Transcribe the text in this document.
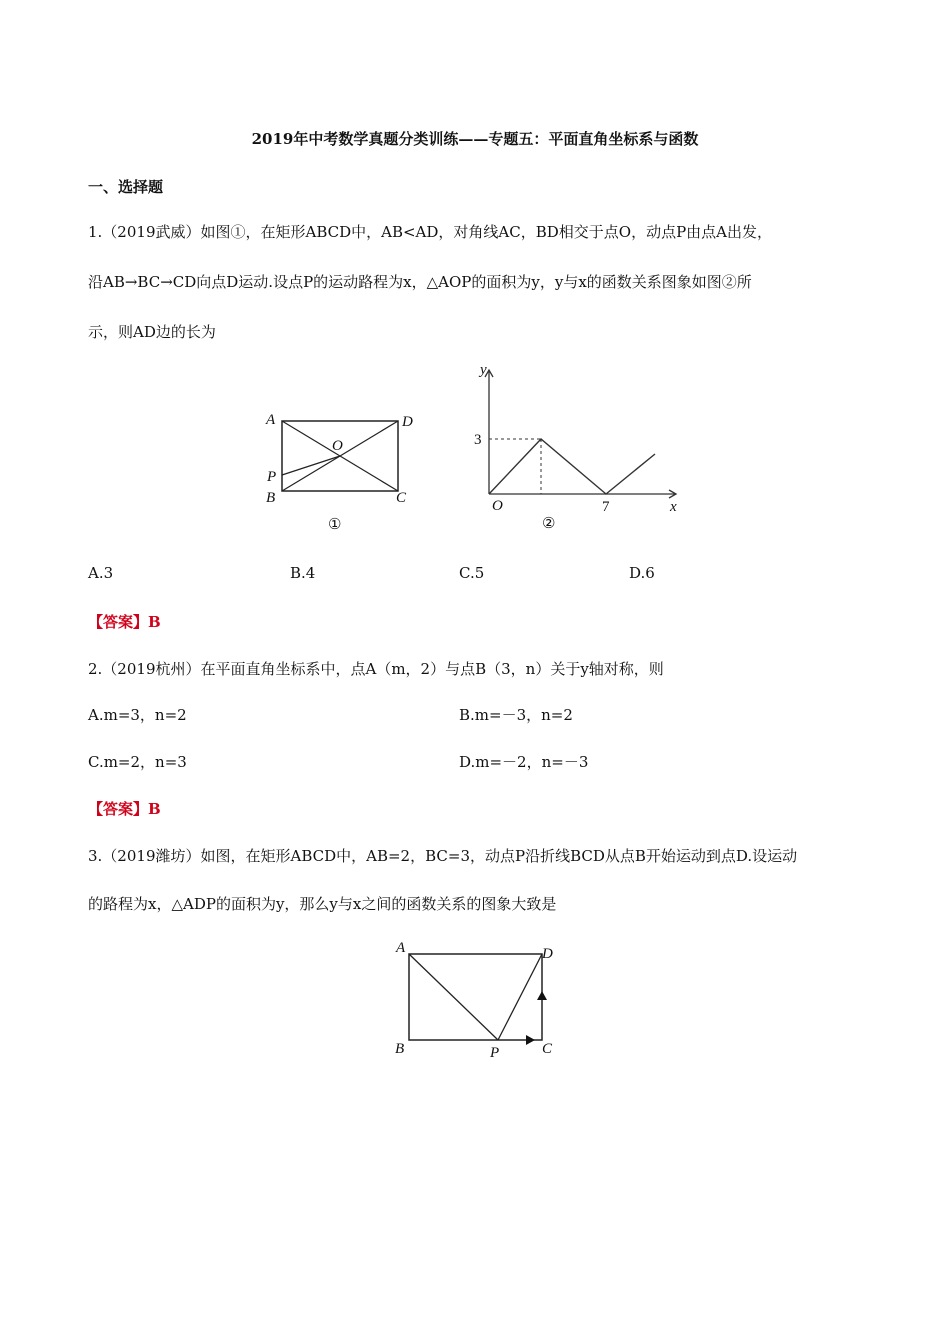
2019年中考数学真题分类训练——专题五：平面直角坐标系与函数
一、选择题
1.（2019武威）如图①，在矩形ABCD中，AB<AD，对角线AC，BD相交于点O，动点P由点A出发，
沿AB→BC→CD向点D运动.设点P的运动路程为x，△AOP的面积为y，y与x的函数关系图象如图②所
示，则AD边的长为
A	D
O
P
B	C
①
y
x
O
3
7
②
A.3	B.4	C.5	D.6
【答案】B
2.（2019杭州）在平面直角坐标系中，点A（m，2）与点B（3，n）关于y轴对称，则
A.m=3，n=2	B.m=－3，n=2
C.m=2，n=3	D.m=－2，n=－3
【答案】B
3.（2019潍坊）如图，在矩形ABCD中，AB=2，BC=3，动点P沿折线BCD从点B开始运动到点D.设运动
的路程为x，△ADP的面积为y，那么y与x之间的函数关系的图象大致是
A	D
B	P	C
